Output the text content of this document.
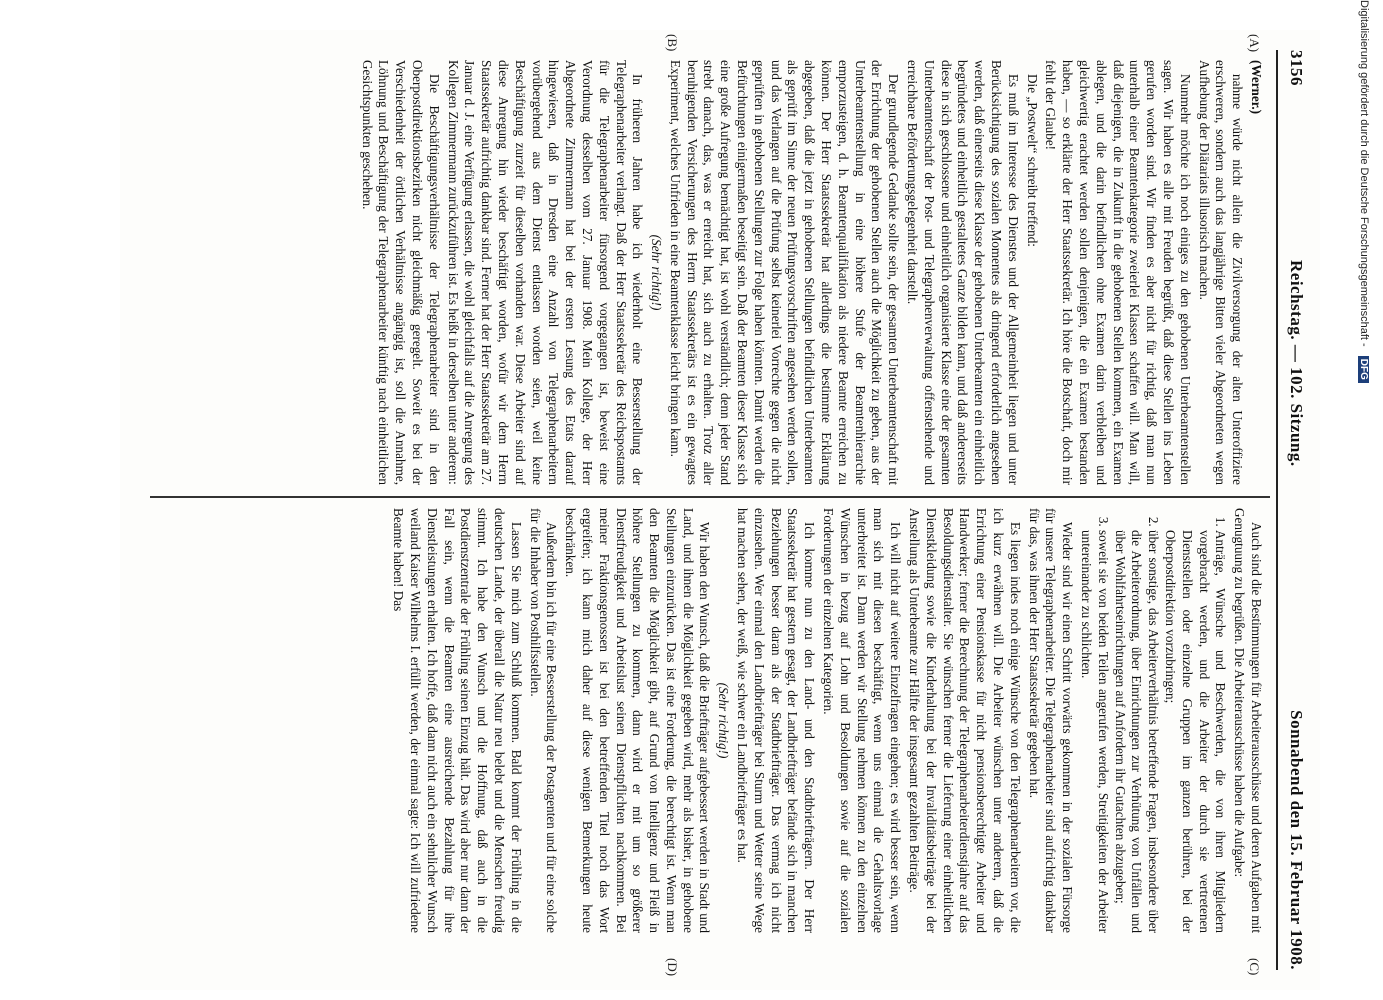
3156
Reichstag. — 102. Sitzung.
Sonnabend den 15. Februar 1908.
(A)
(B)
(C)
(D)

(Werner.)

nahme würde nicht allein die Zivilversorgung der alten Unteroffiziere erschweren, sondern auch das langjährige Bitten vieler Abgeordneten wegen Aufhebung der Diätariats illusorisch machen.

Nunmehr möchte ich noch einiges zu den gehobenen Unterbeamtenstellen sagen. Wir haben es alle mit Freuden begrüßt, daß diese Stellen ins Leben gerufen worden sind. Wir finden es aber nicht für richtig, daß man nun unterhalb einer Beamtenkategorie zweierlei Klassen schaffen will. Man will, daß diejenigen, die in Zukunft in die gehobenen Stellen kommen, ein Examen ablegen, und die darin befindlichen ohne Examen darin verbleiben und gleichwertig erachtet werden sollen denjenigen, die ein Examen bestanden haben, — so erklärte der Herr Staatssekretär. Ich höre die Botschaft, doch mir fehlt der Glaube!

Die „Postwelt“ schreibt treffend:

Es muß im Interesse des Dienstes und der Allgemeinheit liegen und unter Berücksichtigung des sozialen Momentes als dringend erforderlich angesehen werden, daß einerseits diese Klasse der gehobenen Unterbeamten ein einheitlich begründetes und einheitlich gestaltetes Ganze bilden kann, und daß andererseits diese in sich geschlossene und einheitlich organisierte Klasse eine der gesamten Unterbeamtenschaft der Post- und Telegraphenverwaltung offenstehende und erreichbare Beförderungsgelegenheit darstellt.

Der grundlegende Gedanke sollte sein, der gesamten Unterbeamtenschaft mit der Errichtung der gehobenen Stellen auch die Möglichkeit zu geben, aus der Unterbeamtenstellung in eine höhere Stufe der Beamtenhierarchie emporzusteigen, d. h. Beamtenqualifikation als niedere Beamte erreichen zu können. Der Herr Staatssekretär hat allerdings die bestimmte Erklärung abgegeben, daß die jetzt in gehobenen Stellungen befindlichen Unterbeamten als geprüft im Sinne der neuen Prüfungsvorschriften angesehen werden sollen, und das Verlangen auf die Prüfung selbst keinerlei Vorrechte gegen die nicht geprüften in gehobenen Stellungen zur Folge haben könnten. Damit werden die Befürchtungen einigermaßen beseitigt sein. Daß der Beamten dieser Klasse sich eine große Aufregung bemächtigt hat, ist wohl verständlich; denn jeder Stand strebt danach, das, was er erreicht hat, sich auch zu erhalten. Trotz aller beruhigenden Versicherungen des Herrn Staatssekretärs ist es ein gewagtes Experiment, welches Unfrieden in eine Beamtenklasse leicht bringen kann.

(Sehr richtig!)

In früheren Jahren habe ich wiederholt eine Besserstellung der Telegraphenarbeiter verlangt. Daß der Herr Staatssekretär des Reichspostamts für die Telegraphenarbeiter fürsorgend vorgegangen ist, beweist eine Verordnung desselben vom 27. Januar 1908. Mein Kollege, der Herr Abgeordnete Zimmermann hat bei der ersten Lesung des Etats darauf hingewiesen, daß in Dresden eine Anzahl von Telegraphenarbeitern vorübergehend aus dem Dienst entlassen worden seien, weil keine Beschäftigung zurzeit für dieselben vorhanden war. Diese Arbeiter sind auf diese Anregung hin wieder beschäftigt worden, wofür wir dem Herrn Staatssekretär aufrichtig dankbar sind. Ferner hat der Herr Staatssekretär am 27. Januar d. J. eine Verfügung erlassen, die wohl gleichfalls auf die Anregung des Kollegen Zimmermann zurückzuführen ist. Es heißt in derselben unter anderem:

Die Beschäftigungsverhältnisse der Telegraphenarbeiter sind in den Oberpostdirektionsbezirken nicht gleichmäßig geregelt. Soweit es bei der Verschiedenheit der örtlichen Verhältnisse angängig ist, soll die Annahme, Löhnung und Beschäftigung der Telegraphenarbeiter künftig nach einheitlichen Gesichtspunkten geschehen.

Auch sind die Bestimmungen für Arbeiterausschüsse und deren Aufgaben mit Genugtuung zu begrüßen. Die Arbeiterausschüsse haben die Aufgabe:

1. Anträge, Wünsche und Beschwerden, die von ihren Mitgliedern vorgebracht werden, und die Arbeiter der durch sie vertretenen Dienststellen oder einzelne Gruppen im ganzen berühren, bei der Oberpostdirektion vorzubringen;
2. über sonstige, das Arbeiterverhältnis betreffende Fragen, insbesondere über die Arbeiterordnung, über Einrichtungen zur Verhütung von Unfällen und über Wohlfahrtseinrichtungen auf Anfordern ihr Gutachten abzugeben;
3. soweit sie von beiden Teilen angerufen werden, Streitigkeiten der Arbeiter untereinander zu schlichten.

Wieder sind wir einen Schritt vorwärts gekommen in der sozialen Fürsorge für unsere Telegraphenarbeiter. Die Telegraphenarbeiter sind aufrichtig dankbar für das, was ihnen der Herr Staatssekretär gegeben hat.

Es liegen indes noch einige Wünsche von den Telegraphenarbeitern vor, die ich kurz erwähnen will. Die Arbeiter wünschen unter anderem, daß die Errichtung einer Pensionskasse für nicht pensionsberechtigte Arbeiter und Handwerker; ferner die Berechnung der Telegraphenarbeiterdienstjahre auf das Besoldungsdienstalter. Sie wünschen ferner die Lieferung einer einheitlichen Dienstkleidung sowie die Kinderhaltung bei der Invaliditätsbeiträge bei der Anstellung als Unterbeamte zur Hälfte der insgesamt gezahlten Beiträge.

Ich will nicht auf weitere Einzelfragen eingehen; es wird besser sein, wenn man sich mit diesen beschäftigt, wenn uns einmal die Gehaltsvorlage unterbreitet ist. Dann werden wir Stellung nehmen können zu den einzelnen Wünschen in bezug auf Lohn und Besoldungen sowie auf die sozialen Forderungen der einzelnen Kategorien.

Ich komme nun zu den Land- und den Stadtbriefträgern. Der Herr Staatssekretär hat gestern gesagt, der Landbriefträger befände sich in manchen Beziehungen besser daran als der Stadtbriefträger. Das vermag ich nicht einzusehen. Wer einmal den Landbriefträger bei Sturm und Wetter seine Wege hat machen sehen, der weiß, wie schwer ein Landbriefträger es hat.

(Sehr richtig!)

Wir haben den Wunsch, daß die Briefträger aufgebessert werden in Stadt und Land, und ihnen die Möglichkeit gegeben wird, mehr als bisher, in gehobene Stellungen einzurücken. Das ist eine Forderung, die berechtigt ist. Wenn man den Beamten die Möglichkeit gibt, auf Grund von Intelligenz und Fleiß in höhere Stellungen zu kommen, dann wird er mit um so größerer Dienstfreudigkeit und Arbeitslust seinen Dienstpflichten nachkommen. Bei meiner Fraktionsgenossen ist bei den betreffenden Titel noch das Wort ergreifen; ich kann mich daher auf diese wenigen Bemerkungen heute beschränken.

Außerdem bin ich für eine Besserstellung der Postagenten und für eine solche für die Inhaber von Posthilfsstellen.

Lassen Sie mich zum Schluß kommen. Bald kommt der Frühling in die deutschen Lande, der überall die Natur neu belebt und die Menschen freudig stimmt. Ich habe den Wunsch und die Hoffnung, daß auch in die Postdienstzentrale der Frühling seinen Einzug hält. Das wird aber nur dann der Fall sein, wenn die Beamten eine ausreichende Bezahlung für ihre Dienstleistungen erhalten. Ich hoffe, daß dann nicht auch ein sehnlicher Wunsch weiland Kaiser Wilhelms I. erfüllt werden, der einmal sagte: Ich will zufriedene Beamte haben! Das

Digitalisierung gefördert durch die Deutsche Forschungsgemeinschaft - DFG
